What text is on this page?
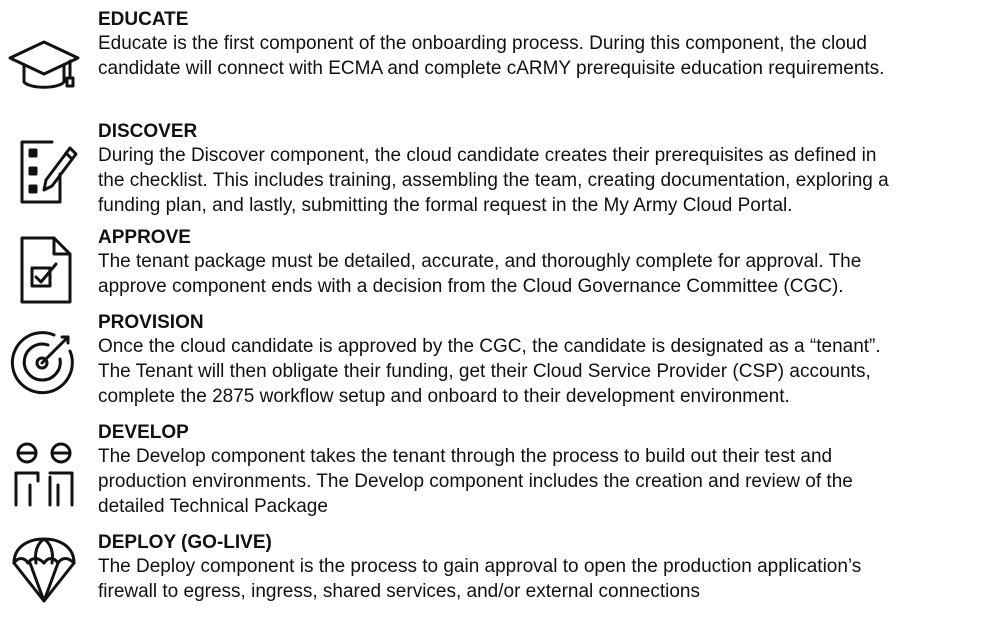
EDUCATE
Educate is the first component of the onboarding process. During this component, the cloud
candidate will connect with ECMA and complete cARMY prerequisite education requirements.
DISCOVER
During the Discover component, the cloud candidate creates their prerequisites as defined in
the checklist. This includes training, assembling the team, creating documentation, exploring a
funding plan, and lastly, submitting the formal request in the My Army Cloud Portal.
APPROVE
The tenant package must be detailed, accurate, and thoroughly complete for approval. The
approve component ends with a decision from the Cloud Governance Committee (CGC).
PROVISION
Once the cloud candidate is approved by the CGC, the candidate is designated as a “tenant”.
The Tenant will then obligate their funding, get their Cloud Service Provider (CSP) accounts,
complete the 2875 workflow setup and onboard to their development environment.
DEVELOP
The Develop component takes the tenant through the process to build out their test and
production environments. The Develop component includes the creation and review of the
detailed Technical Package
DEPLOY (GO-LIVE)
The Deploy component is the process to gain approval to open the production application’s
firewall to egress, ingress, shared services, and/or external connections
